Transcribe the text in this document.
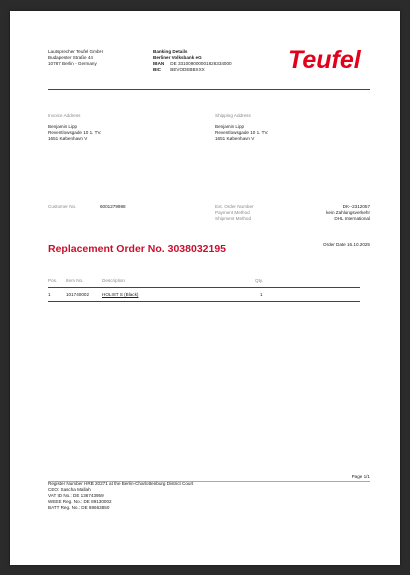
Lautsprecher Teufel GmbH
Budapester Straße 44
10787 Berlin - Germany
Banking Details
Berliner Volksbank eG
IBAN DE 331009000001826334000
BIC BEVODEBBXXX	Teufel
Invoice Address
Benjamin Lipp
Reventlowsgade 10 1. TV.
1651 København V
Shipping Address
Benjamin Lipp
Reventlowsgade 10 1. TV.
1651 København V
Customer No.	6001279988	Ext. Order Number	DK--2312057
Payment Method	kein Zahlungsverkehr
Shipment Method	DHL International
Replacement Order No. 3038032195	Order Date 16.10.2025
Pos. Item No.	Description	Qty.
1	101740002	HOLIST S (Black)	1
Page 1/1
Register Number HRB 20271 at the Berlin-Charlottenburg District Court
CEO: Sascha Mallah
VAT ID No.: DE 136743959
WEEE Reg. No.: DE 89130002
BATT Reg. No.: DE 88663850
